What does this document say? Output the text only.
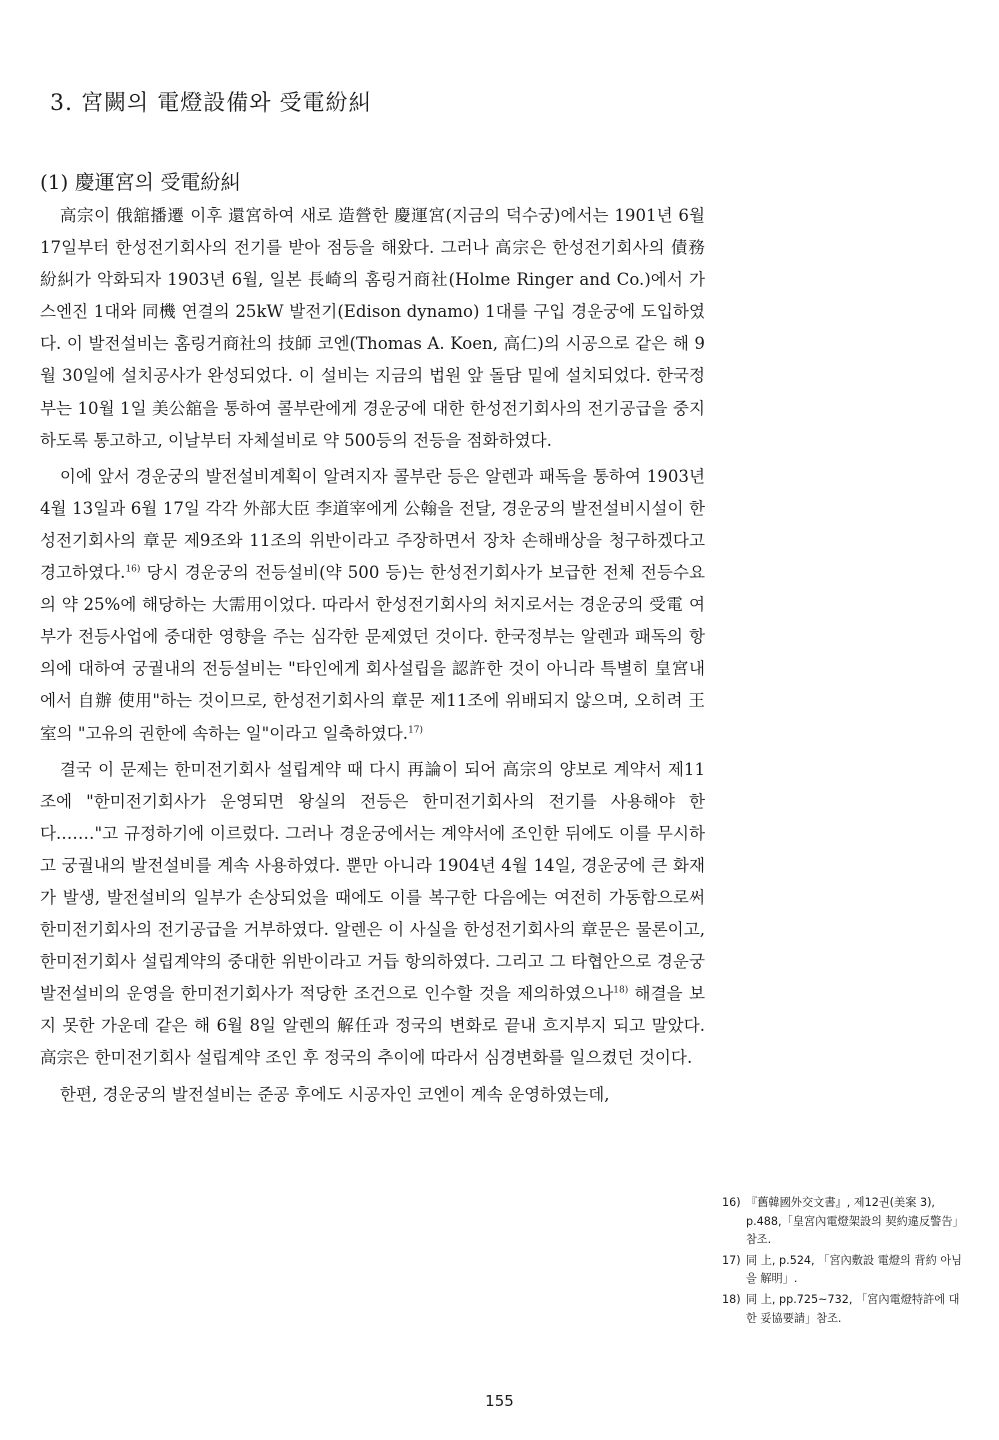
3. 宮闕의 電燈設備와 受電紛糾
(1) 慶運宮의 受電紛糾

高宗이 俄舘播遷 이후 還宮하여 새로 造營한 慶運宮(지금의 덕수궁)에서는 1901년 6월 17일부터 한성전기회사의 전기를 받아 점등을 해왔다. 그러나 高宗은 한성전기회사의 債務紛糾가 악화되자 1903년 6월, 일본 長崎의 홈링거商社(Holme Ringer and Co.)에서 가스엔진 1대와 同機 연결의 25kW 발전기(Edison dynamo) 1대를 구입 경운궁에 도입하였다. 이 발전설비는 홈링거商社의 技師 코엔(Thomas A. Koen, 高仁)의 시공으로 같은 해 9월 30일에 설치공사가 완성되었다. 이 설비는 지금의 법원 앞 돌담 밑에 설치되었다. 한국정부는 10월 1일 美公舘을 통하여 콜부란에게 경운궁에 대한 한성전기회사의 전기공급을 중지하도록 통고하고, 이날부터 자체설비로 약 500등의 전등을 점화하였다.

이에 앞서 경운궁의 발전설비계획이 알려지자 콜부란 등은 알렌과 패독을 통하여 1903년 4월 13일과 6월 17일 각각 外部大臣 李道宰에게 公翰을 전달, 경운궁의 발전설비시설이 한성전기회사의 章문 제9조와 11조의 위반이라고 주장하면서 장차 손해배상을 청구하겠다고 경고하였다.$^{16)}$ 당시 경운궁의 전등설비(약 500 등)는 한성전기회사가 보급한 전체 전등수요의 약 25%에 해당하는 大需用이었다. 따라서 한성전기회사의 처지로서는 경운궁의 受電 여부가 전등사업에 중대한 영향을 주는 심각한 문제였던 것이다. 한국정부는 알렌과 패독의 항의에 대하여 궁궐내의 전등설비는 "타인에게 회사설립을 認許한 것이 아니라 특별히 皇宮내에서 自辦 使用"하는 것이므로, 한성전기회사의 章문 제11조에 위배되지 않으며, 오히려 王室의 "고유의 권한에 속하는 일"이라고 일축하였다.$^{17)}$

결국 이 문제는 한미전기회사 설립계약 때 다시 再論이 되어 高宗의 양보로 계약서 제11조에 "한미전기회사가 운영되면 왕실의 전등은 한미전기회사의 전기를 사용해야 한다.……"고 규정하기에 이르렀다. 그러나 경운궁에서는 계약서에 조인한 뒤에도 이를 무시하고 궁궐내의 발전설비를 계속 사용하였다. 뿐만 아니라 1904년 4월 14일, 경운궁에 큰 화재가 발생, 발전설비의 일부가 손상되었을 때에도 이를 복구한 다음에는 여전히 가동함으로써 한미전기회사의 전기공급을 거부하였다. 알렌은 이 사실을 한성전기회사의 章문은 물론이고, 한미전기회사 설립계약의 중대한 위반이라고 거듭 항의하였다. 그리고 그 타협안으로 경운궁 발전설비의 운영을 한미전기회사가 적당한 조건으로 인수할 것을 제의하였으나$^{18)}$ 해결을 보지 못한 가운데 같은 해 6월 8일 알렌의 解任과 정국의 변화로 끝내 흐지부지 되고 말았다. 高宗은 한미전기회사 설립계약 조인 후 정국의 추이에 따라서 심경변화를 일으켰던 것이다.

한편, 경운궁의 발전설비는 준공 후에도 시공자인 코엔이 계속 운영하였는데,

16) 『舊韓國外交文書』, 제12권(美案 3), p.488,「皇宮內電燈架設의 契約違反警告」참조.
17) 同 上, p.524, 「宮內敷設 電燈의 背約 아님을 解明」.
18) 同 上, pp.725~732, 「宮內電燈特許에 대한 妥協要請」참조.
155
